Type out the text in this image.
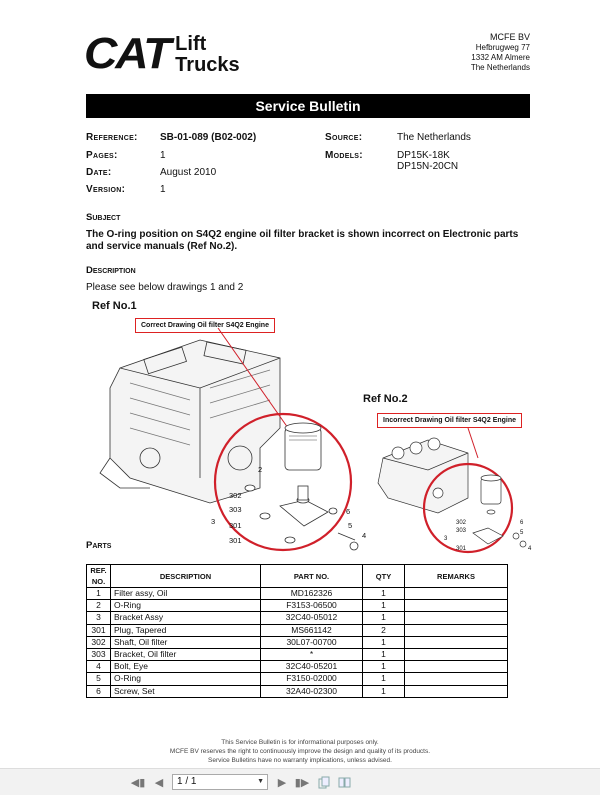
CAT Lift
Trucks
MCFE BV
Hefbrugweg 77
1332 AM Almere
The Netherlands
Service Bulletin
Reference: SB-01-089 (B02-002)
Pages:	1
Date:	August 2010
Version:	1
Source:	The Netherlands
Models:	DP15K-18K
DP15N-20CN
Subject
The O-ring position on S4Q2 engine oil filter bracket is shown incorrect on Electronic parts and service manuals (Ref No.2).
Description
Please see below drawings 1 and 2
Ref No.1
Correct Drawing Oil filter S4Q2 Engine
2
302
303
3 301
301
6
5
4
Ref No.2
Incorrect Drawing Oil filter S4Q2 Engine
302
303
3
301
6
5
4
Parts
REF. NO.	DESCRIPTION	PART NO.	QTY	REMARKS
1	Filter assy, Oil	MD162326	1	
2	O-Ring	F3153-06500	1	
3	Bracket Assy	32C40-05012	1	
301	Plug, Tapered	MS661142	2	
302	Shaft, Oil filter	30L07-00700	1	
303	Bracket, Oil filter	*	1	
4	Bolt, Eye	32C40-05201	1	
5	O-Ring	F3150-02000	1	
6	Screw, Set	32A40-02300	1	
This Service Bulletin is for informational purposes only.
MCFE BV reserves the right to continuously improve the design and quality of its products.
Service Bulletins have no warranty implications, unless advised.
◀​▮ ◀	1 / 1	▼	▶ ▮▶
